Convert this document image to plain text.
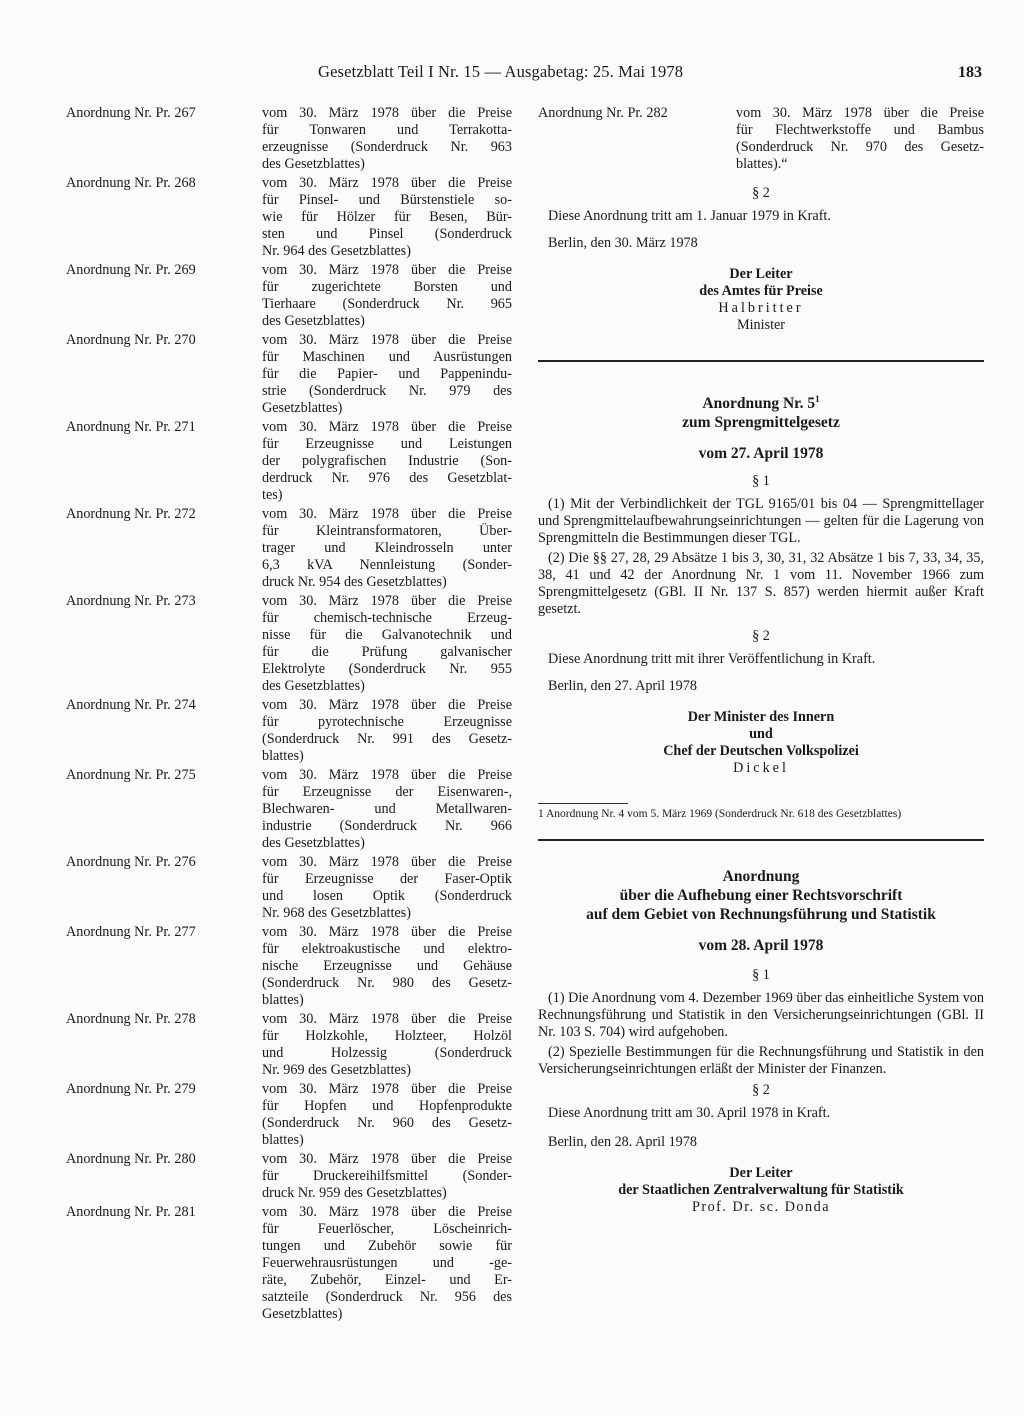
Gesetzblatt Teil I Nr. 15 — Ausgabetag: 25. Mai 1978	183
Anordnung Nr. Pr. 267	vom 30. März 1978 über die Preise
für Tonwaren und Terrakotta-
erzeugnisse (Sonderdruck Nr. 963
des Gesetzblattes)
Anordnung Nr. Pr. 268	vom 30. März 1978 über die Preise
für Pinsel- und Bürstenstiele so-
wie für Hölzer für Besen, Bür-
sten und Pinsel (Sonderdruck
Nr. 964 des Gesetzblattes)
Anordnung Nr. Pr. 269	vom 30. März 1978 über die Preise
für zugerichtete Borsten und
Tierhaare (Sonderdruck Nr. 965
des Gesetzblattes)
Anordnung Nr. Pr. 270	vom 30. März 1978 über die Preise
für Maschinen und Ausrüstungen
für die Papier- und Pappenindu-
strie (Sonderdruck Nr. 979 des
Gesetzblattes)
Anordnung Nr. Pr. 271	vom 30. März 1978 über die Preise
für Erzeugnisse und Leistungen
der polygrafischen Industrie (Son-
derdruck Nr. 976 des Gesetzblat-
tes)
Anordnung Nr. Pr. 272	vom 30. März 1978 über die Preise
für Kleintransformatoren, Über-
trager und Kleindrosseln unter
6,3 kVA Nennleistung (Sonder-
druck Nr. 954 des Gesetzblattes)
Anordnung Nr. Pr. 273	vom 30. März 1978 über die Preise
für chemisch-technische Erzeug-
nisse für die Galvanotechnik und
für die Prüfung galvanischer
Elektrolyte (Sonderdruck Nr. 955
des Gesetzblattes)
Anordnung Nr. Pr. 274	vom 30. März 1978 über die Preise
für pyrotechnische Erzeugnisse
(Sonderdruck Nr. 991 des Gesetz-
blattes)
Anordnung Nr. Pr. 275	vom 30. März 1978 über die Preise
für Erzeugnisse der Eisenwaren-,
Blechwaren- und Metallwaren-
industrie (Sonderdruck Nr. 966
des Gesetzblattes)
Anordnung Nr. Pr. 276	vom 30. März 1978 über die Preise
für Erzeugnisse der Faser-Optik
und losen Optik (Sonderdruck
Nr. 968 des Gesetzblattes)
Anordnung Nr. Pr. 277	vom 30. März 1978 über die Preise
für elektroakustische und elektro-
nische Erzeugnisse und Gehäuse
(Sonderdruck Nr. 980 des Gesetz-
blattes)
Anordnung Nr. Pr. 278	vom 30. März 1978 über die Preise
für Holzkohle, Holzteer, Holzöl
und Holzessig (Sonderdruck
Nr. 969 des Gesetzblattes)
Anordnung Nr. Pr. 279	vom 30. März 1978 über die Preise
für Hopfen und Hopfenprodukte
(Sonderdruck Nr. 960 des Gesetz-
blattes)
Anordnung Nr. Pr. 280	vom 30. März 1978 über die Preise
für Druckereihilfsmittel (Sonder-
druck Nr. 959 des Gesetzblattes)
Anordnung Nr. Pr. 281	vom 30. März 1978 über die Preise
für Feuerlöscher, Löscheinrich-
tungen und Zubehör sowie für
Feuerwehrausrüstungen und -ge-
räte, Zubehör, Einzel- und Er-
satzteile (Sonderdruck Nr. 956 des
Gesetzblattes)
Anordnung Nr. Pr. 282	vom 30. März 1978 über die Preise
für Flechtwerkstoffe und Bambus
(Sonderdruck Nr. 970 des Gesetz-
blattes).“
§ 2

Diese Anordnung tritt am 1. Januar 1979 in Kraft.

Berlin, den 30. März 1978
Der Leiter
des Amtes für Preise
Halbritter
Minister
Anordnung Nr. $5^1$
zum Sprengmittelgesetz
vom 27. April 1978
§ 1

(1) Mit der Verbindlichkeit der TGL 9165/01 bis 04 — Sprengmittellager und Sprengmittelaufbewahrungseinrichtungen — gelten für die Lagerung von Sprengmitteln die Bestimmungen dieser TGL.

(2) Die §§ 27, 28, 29 Absätze 1 bis 3, 30, 31, 32 Absätze 1 bis 7, 33, 34, 35, 38, 41 und 42 der Anordnung Nr. 1 vom 11. November 1966 zum Sprengmittelgesetz (GBl. II Nr. 137 S. 857) werden hiermit außer Kraft gesetzt.

§ 2

Diese Anordnung tritt mit ihrer Veröffentlichung in Kraft.

Berlin, den 27. April 1978
Der Minister des Innern
und
Chef der Deutschen Volkspolizei
Dickel
1 Anordnung Nr. 4 vom 5. März 1969 (Sonderdruck Nr. 618 des Gesetzblattes)
Anordnung
über die Aufhebung einer Rechtsvorschrift
auf dem Gebiet von Rechnungsführung und Statistik
vom 28. April 1978
§ 1

(1) Die Anordnung vom 4. Dezember 1969 über das einheitliche System von Rechnungsführung und Statistik in den Versicherungseinrichtungen (GBl. II Nr. 103 S. 704) wird aufgehoben.

(2) Spezielle Bestimmungen für die Rechnungsführung und Statistik in den Versicherungseinrichtungen erläßt der Minister der Finanzen.

§ 2

Diese Anordnung tritt am 30. April 1978 in Kraft.

Berlin, den 28. April 1978
Der Leiter
der Staatlichen Zentralverwaltung für Statistik
Prof. Dr. sc. Donda
